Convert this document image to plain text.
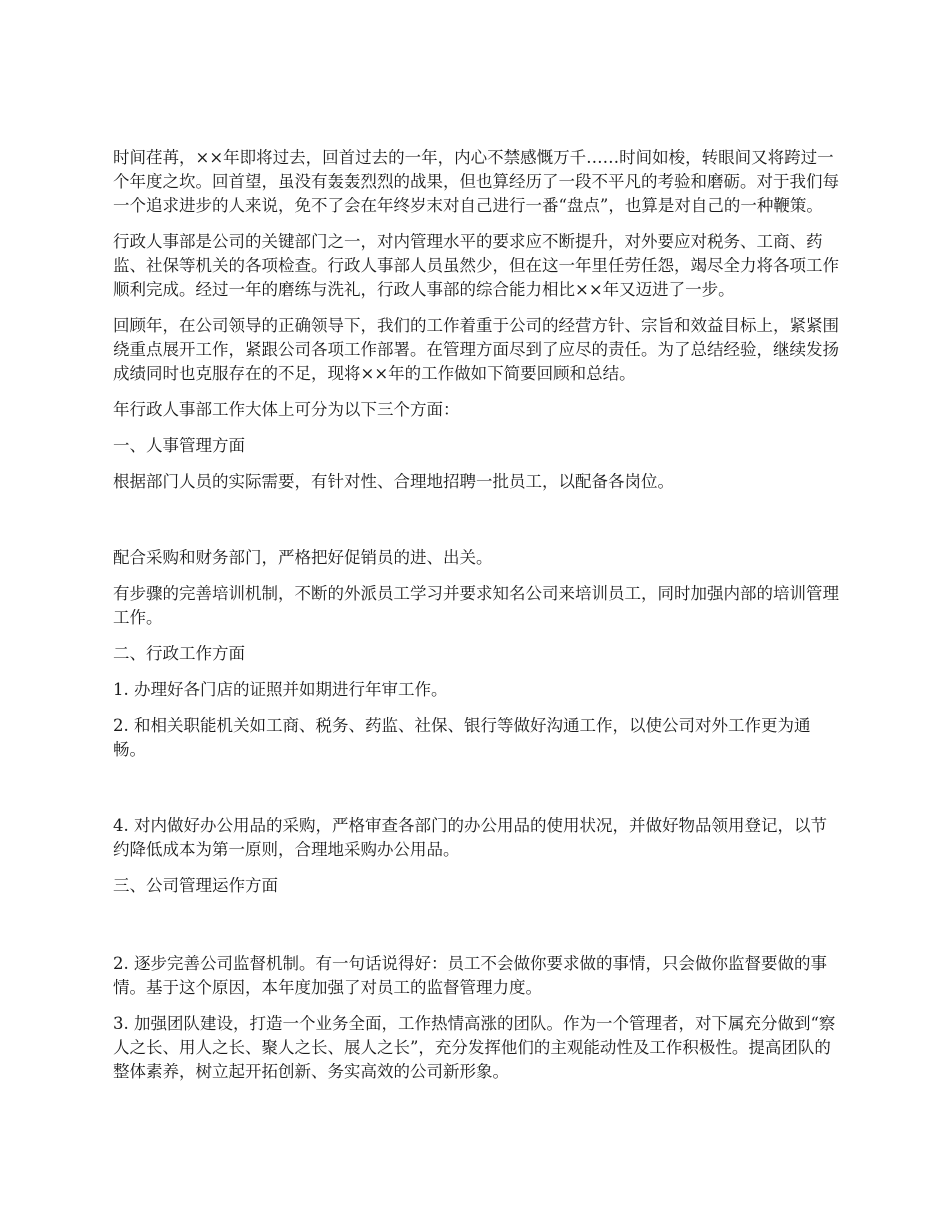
时间荏苒，××年即将过去，回首过去的一年，内心不禁感慨万千……时间如梭，转眼间又将跨过一个年度之坎。回首望，虽没有轰轰烈烈的战果，但也算经历了一段不平凡的考验和磨砺。对于我们每一个追求进步的人来说，免不了会在年终岁末对自己进行一番“盘点”，也算是对自己的一种鞭策。

行政人事部是公司的关键部门之一，对内管理水平的要求应不断提升，对外要应对税务、工商、药监、社保等机关的各项检查。行政人事部人员虽然少，但在这一年里任劳任怨，竭尽全力将各项工作顺利完成。经过一年的磨练与洗礼，行政人事部的综合能力相比××年又迈进了一步。

回顾年，在公司领导的正确领导下，我们的工作着重于公司的经营方针、宗旨和效益目标上，紧紧围绕重点展开工作，紧跟公司各项工作部署。在管理方面尽到了应尽的责任。为了总结经验，继续发扬成绩同时也克服存在的不足，现将××年的工作做如下简要回顾和总结。

年行政人事部工作大体上可分为以下三个方面：

一、人事管理方面

根据部门人员的实际需要，有针对性、合理地招聘一批员工，以配备各岗位。

配合采购和财务部门，严格把好促销员的进、出关。

有步骤的完善培训机制，不断的外派员工学习并要求知名公司来培训员工，同时加强内部的培训管理工作。

二、行政工作方面

1. 办理好各门店的证照并如期进行年审工作。

2. 和相关职能机关如工商、税务、药监、社保、银行等做好沟通工作，以使公司对外工作更为通畅。

4. 对内做好办公用品的采购，严格审查各部门的办公用品的使用状况，并做好物品领用登记，以节约降低成本为第一原则，合理地采购办公用品。

三、公司管理运作方面

2. 逐步完善公司监督机制。有一句话说得好：员工不会做你要求做的事情，只会做你监督要做的事情。基于这个原因，本年度加强了对员工的监督管理力度。

3. 加强团队建设，打造一个业务全面，工作热情高涨的团队。作为一个管理者，对下属充分做到“察人之长、用人之长、聚人之长、展人之长”，充分发挥他们的主观能动性及工作积极性。提高团队的整体素养，树立起开拓创新、务实高效的公司新形象。
